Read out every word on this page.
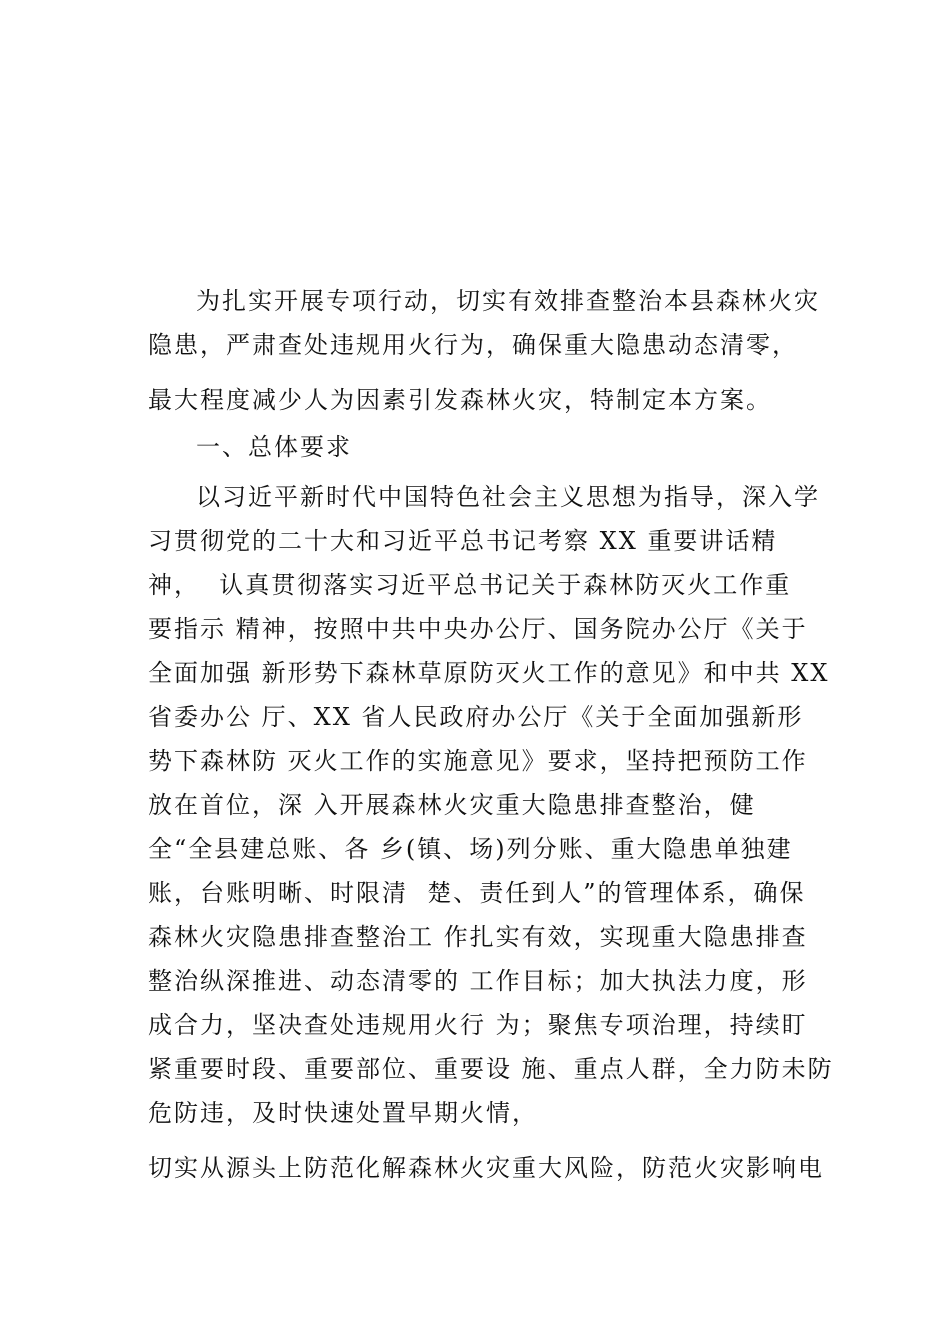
为扎实开展专项行动，切实有效排查整治本县森林火灾
隐患，严肃查处违规用火行为，确保重大隐患动态清零，
最大程度减少人为因素引发森林火灾，特制定本方案。
一、总体要求
以习近平新时代中国特色社会主义思想为指导，深入学
习贯彻党的二十大和习近平总书记考察 XX 重要讲话精
神，  认真贯彻落实习近平总书记关于森林防灭火工作重
要指示 精神，按照中共中央办公厅、国务院办公厅《关于
全面加强 新形势下森林草原防灭火工作的意见》和中共 XX
省委办公 厅、XX 省人民政府办公厅《关于全面加强新形
势下森林防 灭火工作的实施意见》要求，坚持把预防工作
放在首位，深 入开展森林火灾重大隐患排查整治，健
全“全县建总账、各 乡(镇、场)列分账、重大隐患单独建
账，台账明晰、时限清  楚、责任到人”的管理体系，确保
森林火灾隐患排查整治工 作扎实有效，实现重大隐患排查
整治纵深推进、动态清零的 工作目标；加大执法力度，形
成合力，坚决查处违规用火行 为；聚焦专项治理，持续盯
紧重要时段、重要部位、重要设 施、重点人群，全力防未防
危防违，及时快速处置早期火情，
切实从源头上防范化解森林火灾重大风险，防范火灾影响电
